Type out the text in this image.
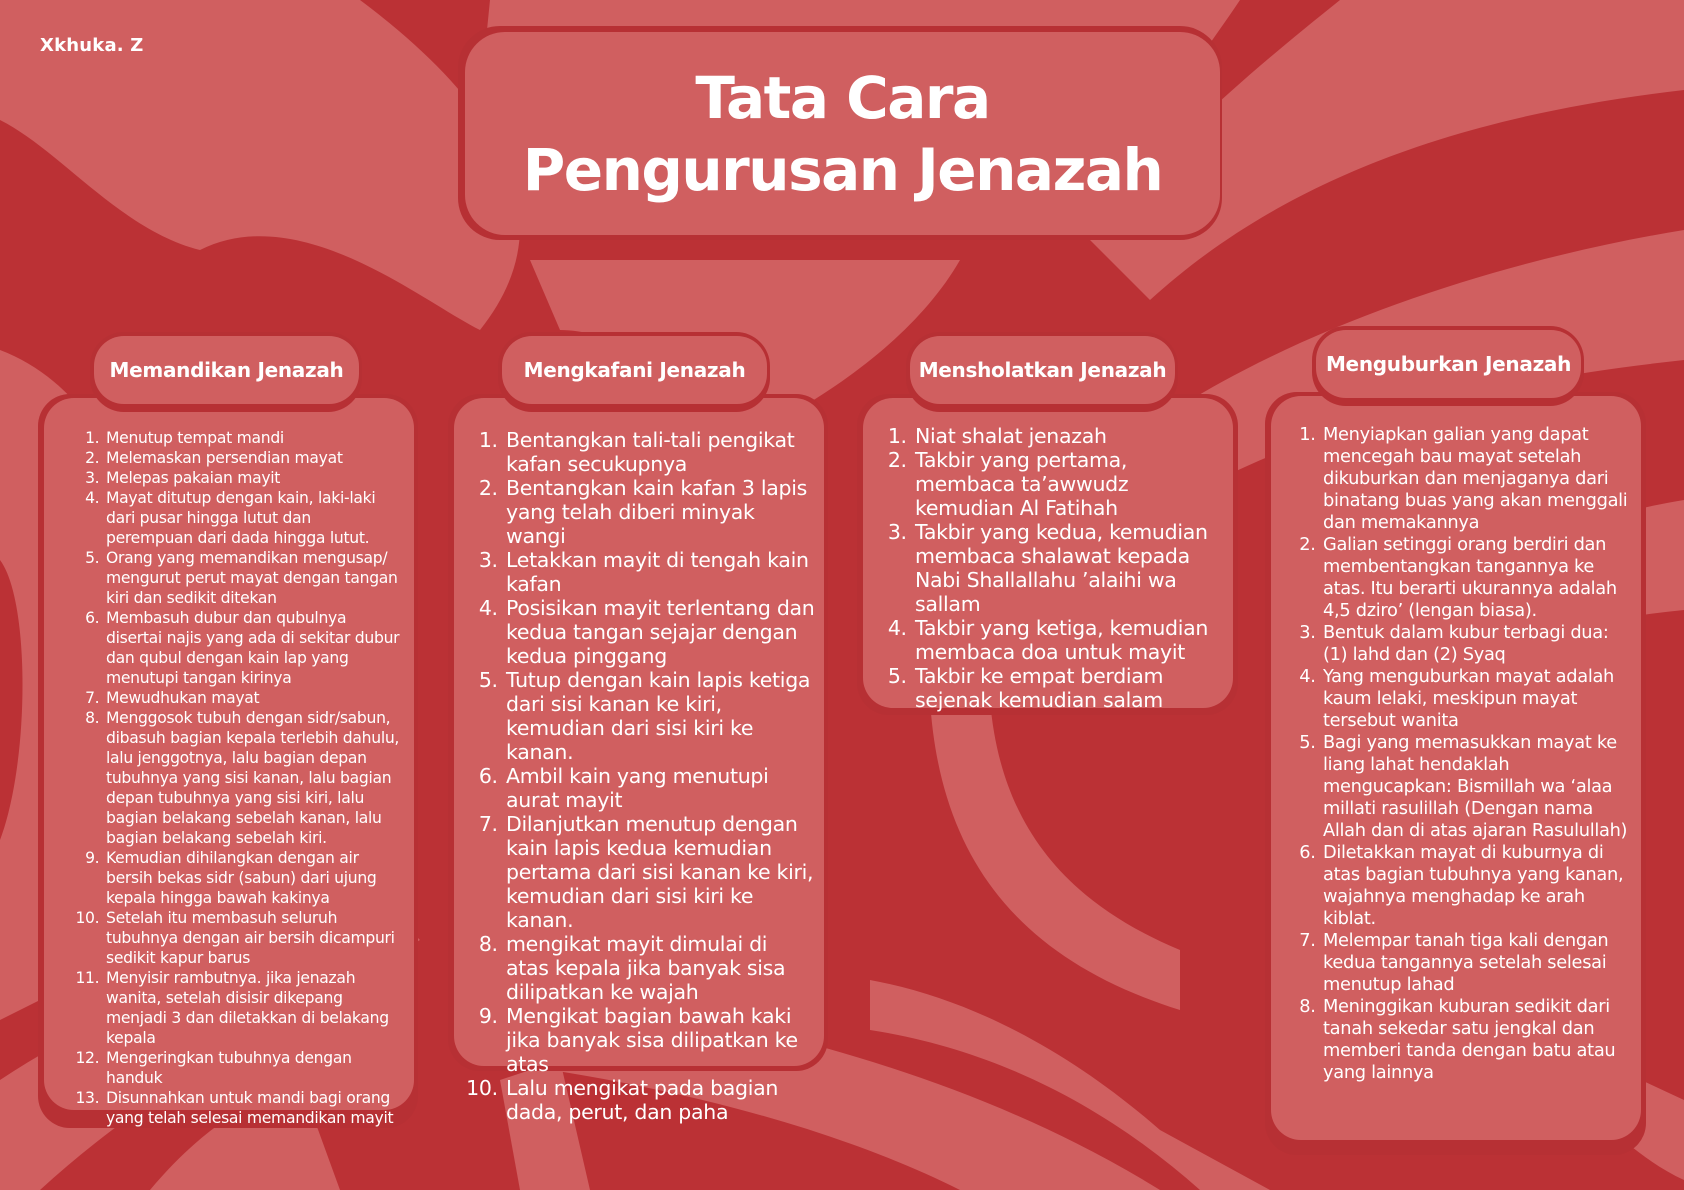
Xkhuka. Z
Tata Cara
Pengurusan Jenazah
1. Menutup tempat mandi
2. Melemaskan persendian mayat
3. Melepas pakaian mayit
4. Mayat ditutup dengan kain, laki-laki dari pusar hingga lutut dan perempuan dari dada hingga lutut.
5. Orang yang memandikan mengusap/ mengurut perut mayat dengan tangan kiri dan sedikit ditekan
6. Membasuh dubur dan qubulnya disertai najis yang ada di sekitar dubur dan qubul dengan kain lap yang menutupi tangan kirinya
7. Mewudhukan mayat
8. Menggosok tubuh dengan sidr/sabun, dibasuh bagian kepala terlebih dahulu, lalu jenggotnya, lalu bagian depan tubuhnya yang sisi kanan, lalu bagian depan tubuhnya yang sisi kiri, lalu bagian belakang sebelah kanan, lalu bagian belakang sebelah kiri.
9. Kemudian dihilangkan dengan air bersih bekas sidr (sabun) dari ujung kepala hingga bawah kakinya
10. Setelah itu membasuh seluruh tubuhnya dengan air bersih dicampuri sedikit kapur barus
11. Menyisir rambutnya. jika jenazah wanita, setelah disisir dikepang menjadi 3 dan diletakkan di belakang kepala
12. Mengeringkan tubuhnya dengan handuk
13. Disunnahkan untuk mandi bagi orang yang telah selesai memandikan mayit
Memandikan Jenazah
1. Bentangkan tali-tali pengikat kafan secukupnya
2. Bentangkan kain kafan 3 lapis yang telah diberi minyak wangi
3. Letakkan mayit di tengah kain kafan
4. Posisikan mayit terlentang dan kedua tangan sejajar dengan kedua pinggang
5. Tutup dengan kain lapis ketiga dari sisi kanan ke kiri, kemudian dari sisi kiri ke kanan.
6. Ambil kain yang menutupi aurat mayit
7. Dilanjutkan menutup dengan kain lapis kedua kemudian pertama dari sisi kanan ke kiri, kemudian dari sisi kiri ke kanan.
8. mengikat mayit dimulai di atas kepala jika banyak sisa dilipatkan ke wajah
9. Mengikat bagian bawah kaki jika banyak sisa dilipatkan ke atas
10. Lalu mengikat pada bagian dada, perut, dan paha
Mengkafani Jenazah
1. Niat shalat jenazah
2. Takbir yang pertama, membaca ta’awwudz kemudian Al Fatihah
3. Takbir yang kedua, kemudian membaca shalawat kepada Nabi Shallallahu ’alaihi wa sallam
4. Takbir yang ketiga, kemudian membaca doa untuk mayit
5. Takbir ke empat berdiam sejenak kemudian salam
Mensholatkan Jenazah
1. Menyiapkan galian yang dapat mencegah bau mayat setelah dikuburkan dan menjaganya dari binatang buas yang akan menggali dan memakannya
2. Galian setinggi orang berdiri dan membentangkan tangannya ke atas. Itu berarti ukurannya adalah 4,5 dziro’ (lengan biasa).
3. Bentuk dalam kubur terbagi dua: (1) lahd dan (2) Syaq
4. Yang menguburkan mayat adalah kaum lelaki, meskipun mayat tersebut wanita
5. Bagi yang memasukkan mayat ke liang lahat hendaklah mengucapkan: Bismillah wa ‘alaa millati rasulillah (Dengan nama Allah dan di atas ajaran Rasulullah)
6. Diletakkan mayat di kuburnya di atas bagian tubuhnya yang kanan, wajahnya menghadap ke arah kiblat.
7. Melempar tanah tiga kali dengan kedua tangannya setelah selesai menutup lahad
8. Meninggikan kuburan sedikit dari tanah sekedar satu jengkal dan memberi tanda dengan batu atau yang lainnya
Menguburkan Jenazah
